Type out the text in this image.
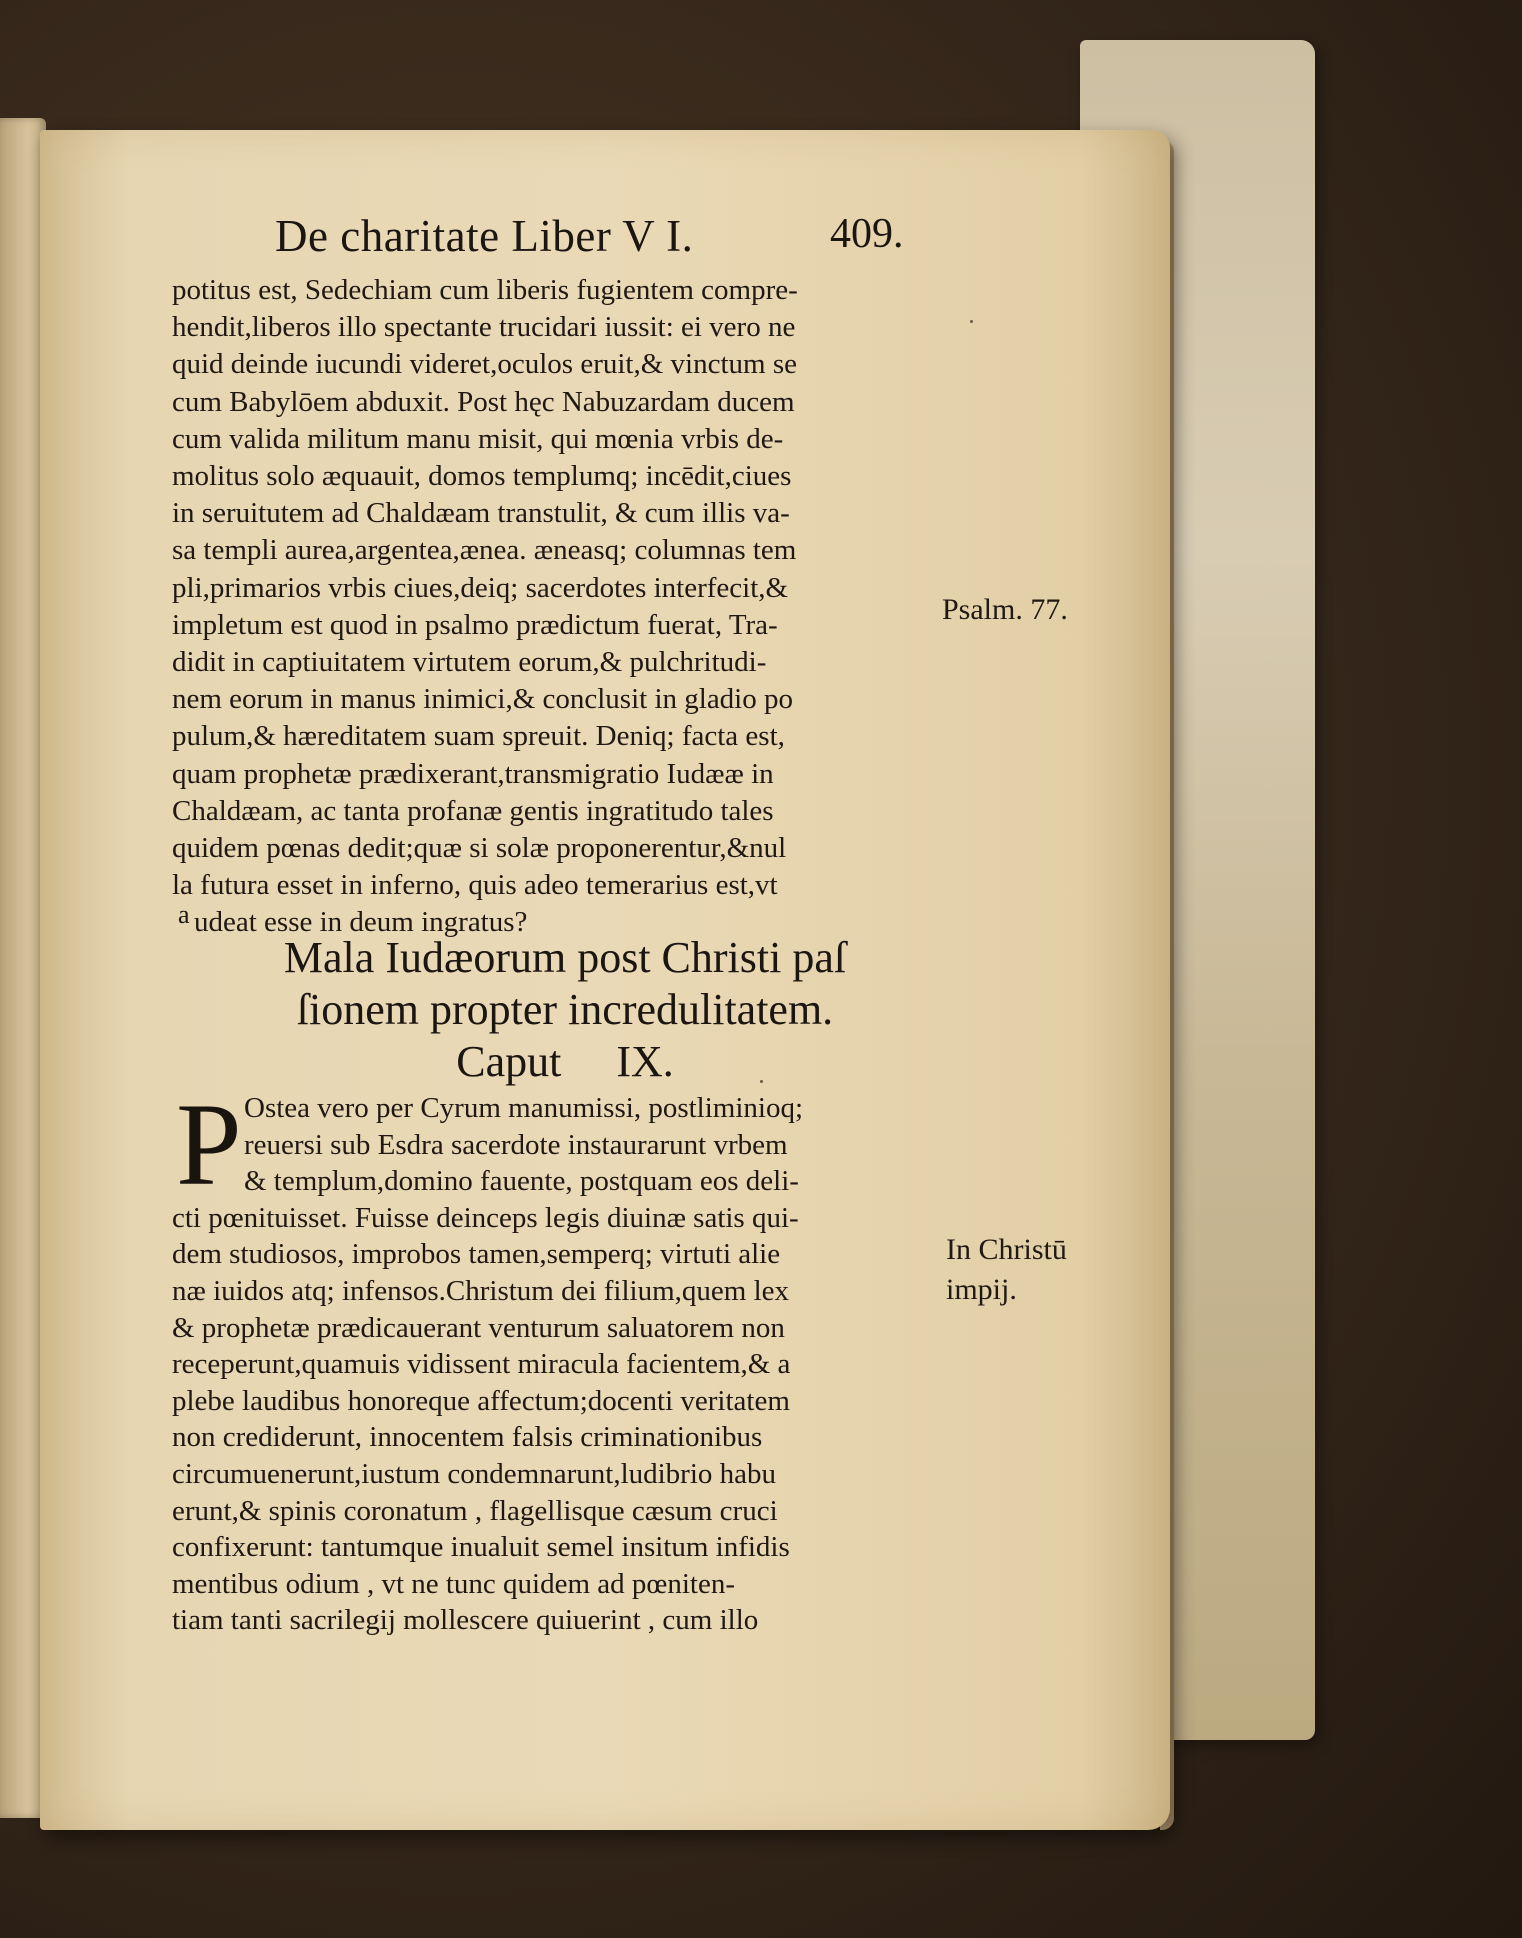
De charitate Liber V I.	409.
potitus est, Sedechiam cum liberis fugientem compre-
hendit,liberos illo spectante trucidari iussit: ei vero ne
quid deinde iucundi videret,oculos eruit,& vinctum se
cum Babylōem abduxit. Post hęc Nabuzardam ducem
cum valida militum manu misit, qui mœnia vrbis de-
molitus solo æquauit, domos templumq; incēdit,ciues
in seruitutem ad Chaldæam transtulit, & cum illis va-
sa templi aurea,argentea,ænea. æneasq; columnas tem
pli,primarios vrbis ciues,deiq; sacerdotes interfecit,&
impletum est quod in psalmo prædictum fuerat, Tra-
didit in captiuitatem virtutem eorum,& pulchritudi-
nem eorum in manus inimici,& conclusit in gladio po
pulum,& hæreditatem suam spreuit. Deniq; facta est,
quam prophetæ prædixerant,transmigratio Iudææ in
Chaldæam, ac tanta profanæ gentis ingratitudo tales
quidem pœnas dedit;quæ si solæ proponerentur,&nul
la futura esset in inferno, quis adeo temerarius est,vt
udeat esse in deum ingratus?
a
Mala Iudæorum post Christi paſ
ſionem propter incredulitatem.
Caput     IX.
P Ostea vero per Cyrum manumissi, postliminioq;
reuersi sub Esdra sacerdote instaurarunt vrbem
& templum,domino fauente, postquam eos deli-
cti pœnituisset. Fuisse deinceps legis diuinæ satis qui-
dem studiosos, improbos tamen,semperq; virtuti alie
næ iuidos atq; infensos.Christum dei filium,quem lex
& prophetæ prædicauerant venturum saluatorem non
receperunt,quamuis vidissent miracula facientem,& a
plebe laudibus honoreque affectum;docenti veritatem
non crediderunt, innocentem falsis criminationibus
circumuenerunt,iustum condemnarunt,ludibrio habu
erunt,& spinis coronatum , flagellisque cæsum cruci
confixerunt: tantumque inualuit semel insitum infidis
mentibus odium , vt ne tunc quidem ad pœniten-
tiam tanti sacrilegij mollescere quiuerint , cum illo
Psalm. 77.
In Christū
impij.
